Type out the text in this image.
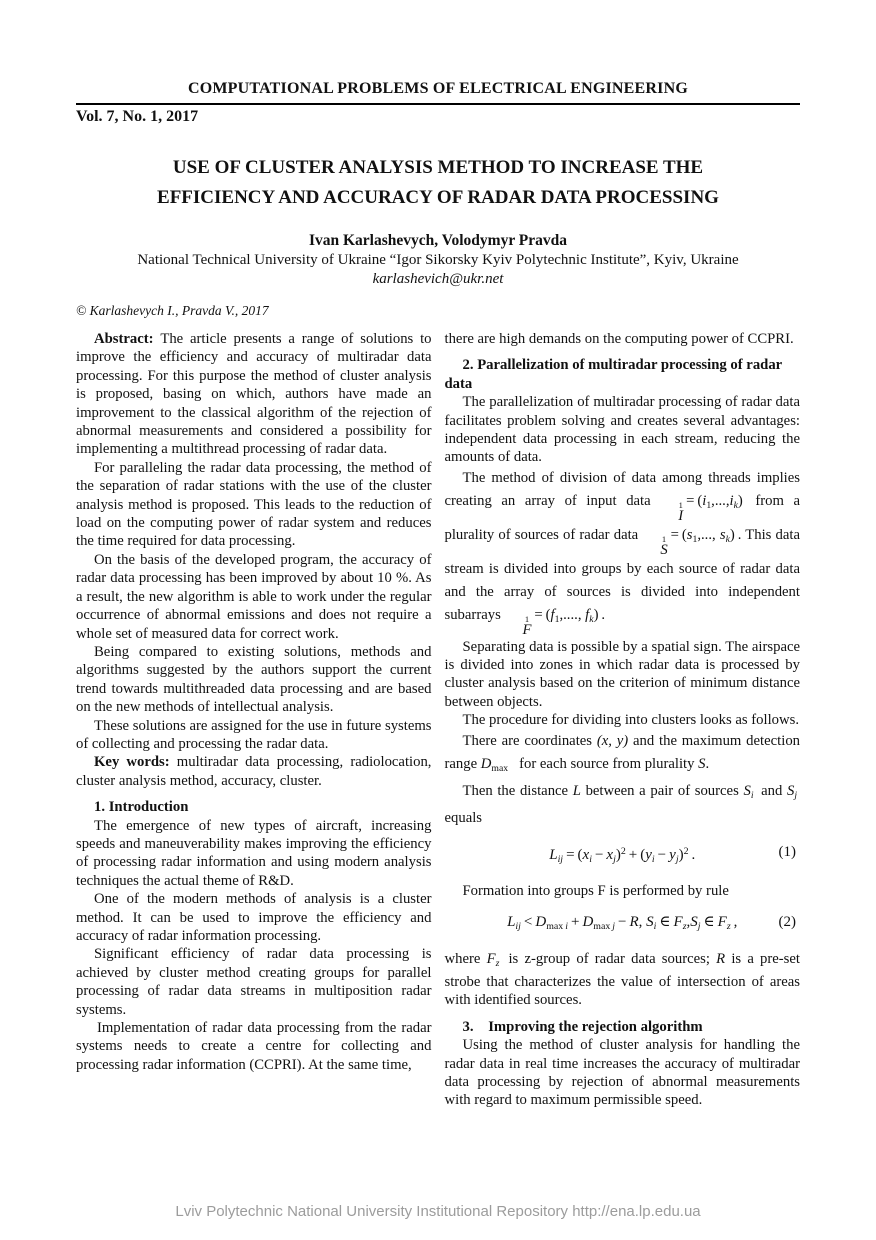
COMPUTATIONAL PROBLEMS OF ELECTRICAL ENGINEERING
Vol. 7, No. 1, 2017
USE OF CLUSTER ANALYSIS METHOD TO INCREASE THE
EFFICIENCY AND ACCURACY OF RADAR DATA PROCESSING
Ivan Karlashevych, Volodymyr Pravda
National Technical University of Ukraine “Igor Sikorsky Kyiv Polytechnic Institute”, Kyiv, Ukraine
karlashevich@ukr.net
© Karlashevych I., Pravda V., 2017

Abstract: The article presents a range of solutions to improve the efficiency and accuracy of multiradar data processing. For this purpose the method of cluster analysis is proposed, basing on which, authors have made an improvement to the classical algorithm of the rejection of abnormal measurements and considered a possibility for implementing a multithread processing of radar data.

For paralleling the radar data processing, the method of the separation of radar stations with the use of the cluster analysis method is proposed. This leads to the reduction of load on the computing power of radar system and reduces the time required for data processing.

On the basis of the developed program, the accuracy of radar data processing has been improved by about 10 %. As a result, the new algorithm is able to work under the regular occurrence of abnormal emissions and does not require a whole set of measured data for correct work.

Being compared to existing solutions, methods and algorithms suggested by the authors support the current trend towards multithreaded data processing and are based on the new methods of intellectual analysis.

These solutions are assigned for the use in future systems of collecting and processing the radar data.

Key words: multiradar data processing, radiolocation, cluster analysis method, accuracy, cluster.

1. Introduction

The emergence of new types of aircraft, increasing speeds and maneuverability makes improving the efficiency of processing radar information and using modern analysis techniques the actual theme of R&D.

One of the modern methods of analysis is a cluster method. It can be used to improve the efficiency and accuracy of radar information processing.

Significant efficiency of radar data processing is achieved by cluster method creating groups for parallel processing of radar data streams in multiposition radar systems.

 Implementation of radar data processing from the radar systems needs to create a centre for collecting and processing radar information (CCPRI). At the same time,

there are high demands on the computing power of CCPRI.

2. Parallelization of multiradar processing of radar data

The parallelization of multiradar processing of radar data facilitates problem solving and creates several advantages: independent data processing in each stream, reducing the amounts of data.

The method of division of data among threads implies creating an array of input data	1
I
 = $(i_1,...,i_k)$  from a plurality of sources of radar data	1
S
 = ($s_1$,..., $s_k$) . This data stream is divided into groups by each source of radar data and the array of sources is divided into independent subarrays	1
F
 = ($f_1$,...., $f_k$) .

Separating data is possible by a spatial sign. The airspace is divided into zones in which radar data is processed by cluster analysis based on the criterion of minimum distance between objects.

The procedure for dividing into clusters looks as follows.

There are coordinates (x, y) and the maximum detection range $D_{max}$  for each source from plurality S.

Then the distance L between a pair of sources $S_i$  and $S_j$  equals

$L_{ij} = (x_i - x_j)^2 + (y_i - y_j)^2$ .	(1)

Formation into groups F is performed by rule

$L_{ij} < D_{max}$ $_i + D_{max}$ $_j$ − R, $S_i$ ∈ $F_z,S_j$ ∈ $F_z$ ,	(2)

where $F_z$  is z-group of radar data sources; R is a pre-set strobe that characterizes the value of intersection of areas with identified sources.

3. Improving the rejection algorithm

Using the method of cluster analysis for handling the radar data in real time increases the accuracy of multiradar data processing by rejection of abnormal measurements with regard to maximum permissible speed.

Lviv Polytechnic National University Institutional Repository http://ena.lp.edu.ua
